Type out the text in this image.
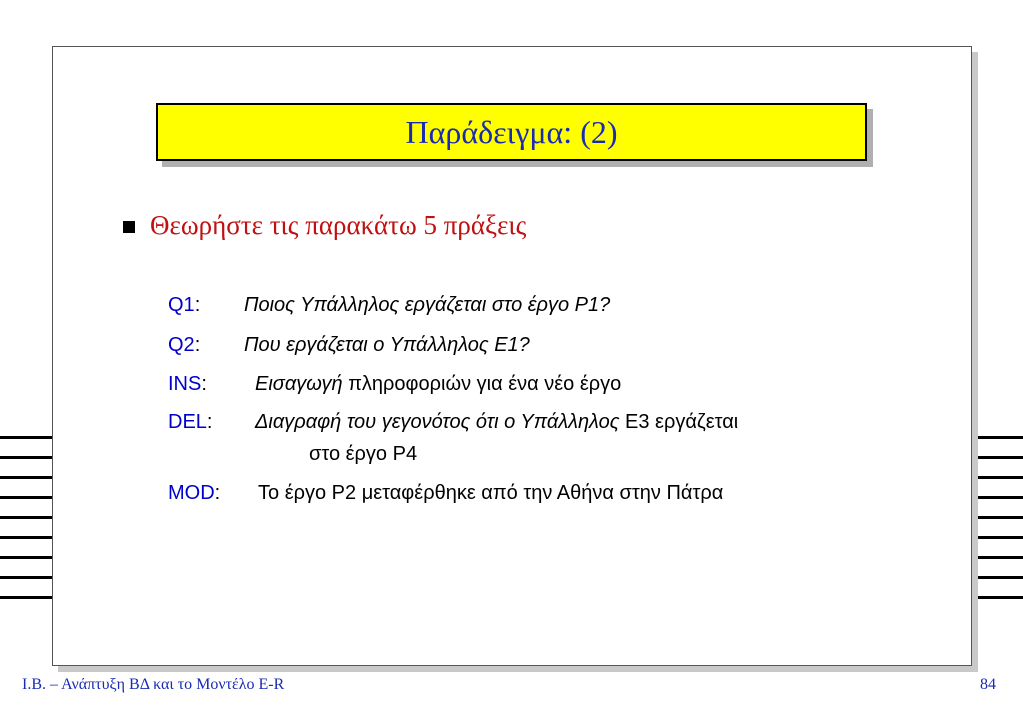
Παράδειγμα: (2)
Θεωρήστε τις παρακάτω 5 πράξεις
Q1: Ποιος Υπάλληλος εργάζεται στο έργο P1?
Q2: Που εργάζεται ο Υπάλληλος E1?
INS: Εισαγωγή πληροφοριών για ένα νέο έργο
DEL: Διαγραφή του γεγονότος ότι ο Υπάλληλος E3 εργάζεται
στο έργο P4
MOD: Το έργο P2 μεταφέρθηκε από την Αθήνα στην Πάτρα
Ι.Β. – Ανάπτυξη ΒΔ και το Μοντέλο E-R	84
